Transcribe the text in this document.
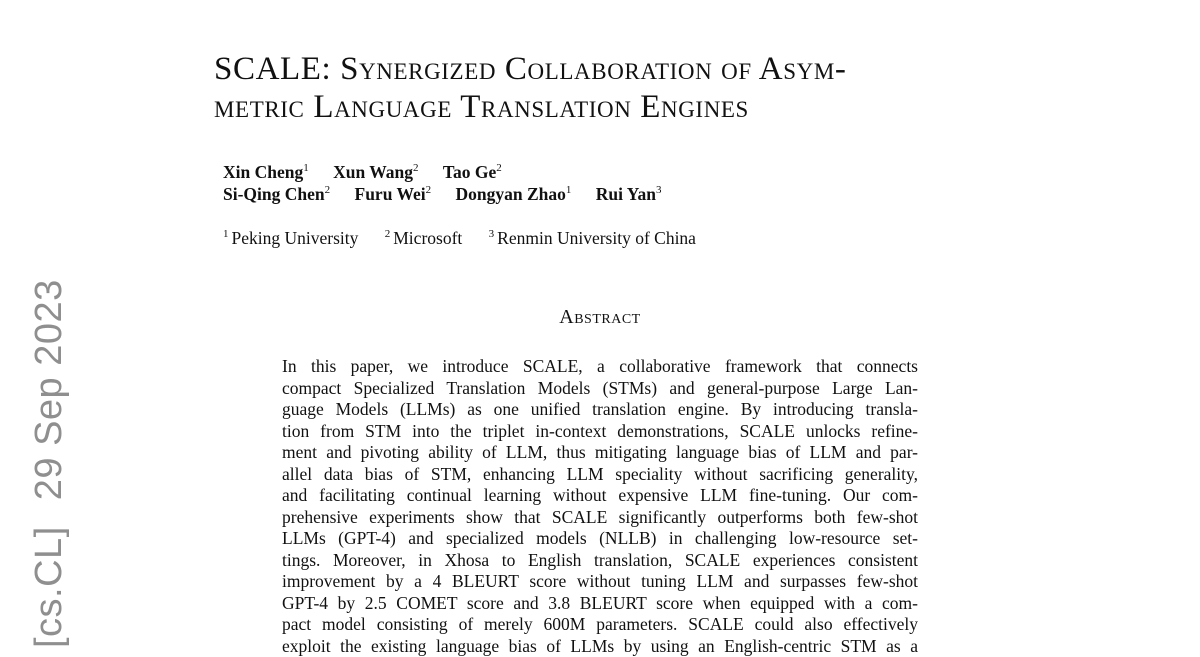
[cs.CL]29 Sep 2023
SCALE: Synergized Collaboration of Asym-
metric Language Translation Engines
Xin Cheng$^1$ Xun Wang$^2$ Tao Ge$^2$
Si-Qing Chen$^2$ Furu Wei$^2$ Dongyan Zhao$^1$ Rui Yan$^3$
$^1$ Peking University $^2$ Microsoft $^3$ Renmin University of China
Abstract
In this paper, we introduce SCALE, a collaborative framework that connects
compact Specialized Translation Models (STMs) and general-purpose Large Lan-
guage Models (LLMs) as one unified translation engine. By introducing transla-
tion from STM into the triplet in-context demonstrations, SCALE unlocks refine-
ment and pivoting ability of LLM, thus mitigating language bias of LLM and par-
allel data bias of STM, enhancing LLM speciality without sacrificing generality,
and facilitating continual learning without expensive LLM fine-tuning. Our com-
prehensive experiments show that SCALE significantly outperforms both few-shot
LLMs (GPT-4) and specialized models (NLLB) in challenging low-resource set-
tings. Moreover, in Xhosa to English translation, SCALE experiences consistent
improvement by a 4 BLEURT score without tuning LLM and surpasses few-shot
GPT-4 by 2.5 COMET score and 3.8 BLEURT score when equipped with a com-
pact model consisting of merely 600M parameters. SCALE could also effectively
exploit the existing language bias of LLMs by using an English-centric STM as a
